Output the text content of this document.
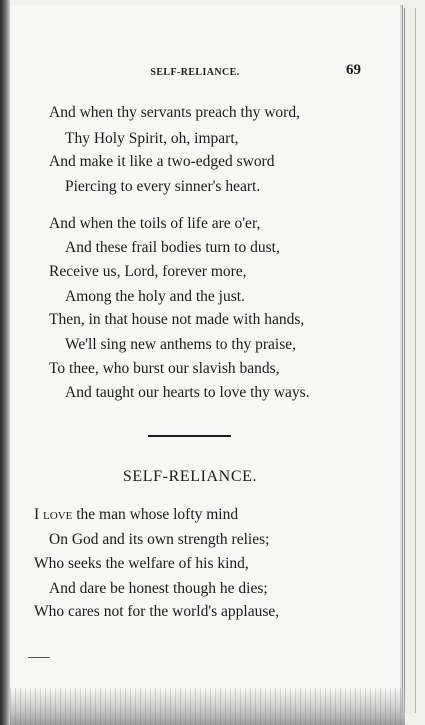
SELF-RELIANCE.	69
And when thy servants preach thy word,
Thy Holy Spirit, oh, impart,
And make it like a two-edged sword
Piercing to every sinner's heart.
And when the toils of life are o'er,
And these frail bodies turn to dust,
Receive us, Lord, forever more,
Among the holy and the just.
Then, in that house not made with hands,
We'll sing new anthems to thy praise,
To thee, who burst our slavish bands,
And taught our hearts to love thy ways.
SELF-RELIANCE.
I love the man whose lofty mind
On God and its own strength relies;
Who seeks the welfare of his kind,
And dare be honest though he dies;
Who cares not for the world's applause,
